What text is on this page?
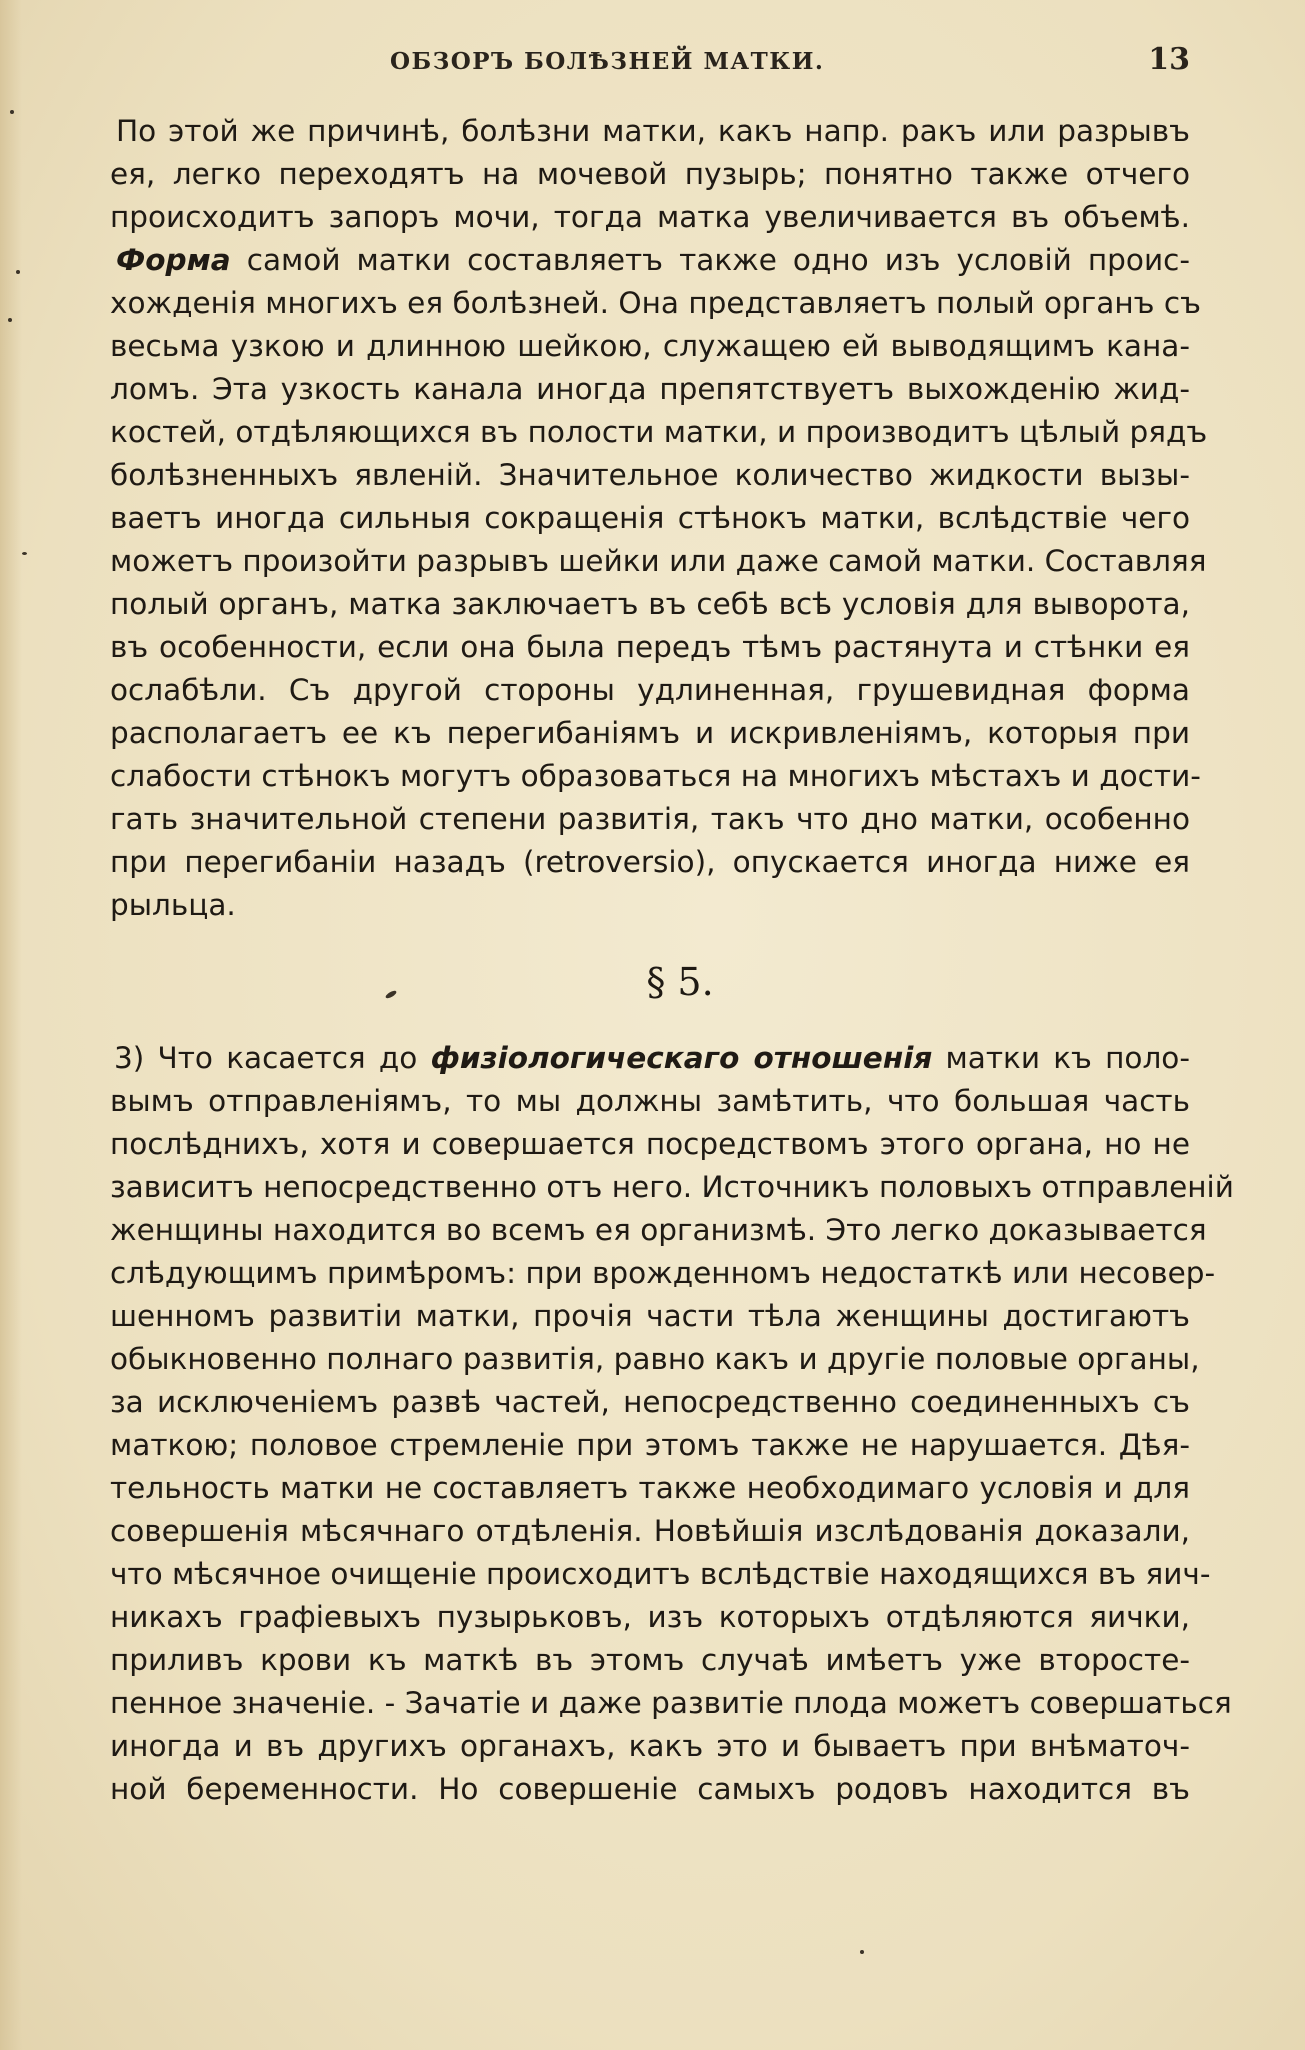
ОБЗОРЪ БОЛѢЗНЕЙ МАТКИ.	13
По этой же причинѣ, болѣзни матки, какъ напр. ракъ или разрывъ
ея, легко переходятъ на мочевой пузырь; понятно также отчего
происходитъ запоръ мочи, тогда матка увеличивается въ объемѣ.
Форма самой матки составляетъ также одно изъ условiй проис-
хожденiя многихъ ея болѣзней. Она представляетъ полый органъ съ
весьма узкою и длинною шейкою, служащею ей выводящимъ кана-
ломъ. Эта узкость канала иногда препятствуетъ выхожденiю жид-
костей, отдѣляющихся въ полости матки, и производитъ цѣлый рядъ
болѣзненныхъ явленiй. Значительное количество жидкости вызы-
ваетъ иногда сильныя сокращенiя стѣнокъ матки, вслѣдствiе чего
можетъ произойти разрывъ шейки или даже самой матки. Составляя
полый органъ, матка заключаетъ въ себѣ всѣ условiя для выворота,
въ особенности, если она была передъ тѣмъ растянута и стѣнки ея
ослабѣли. Съ другой стороны удлиненная, грушевидная форма
располагаетъ ее къ перегибанiямъ и искривленiямъ, которыя при
слабости стѣнокъ могутъ образоваться на многихъ мѣстахъ и дости-
гать значительной степени развитiя, такъ что дно матки, особенно
при перегибанiи назадъ (retroversio), опускается иногда ниже ея
рыльца.
§ 5.
3) Что касается до физiологическаго отношенiя матки къ поло-
вымъ отправленiямъ, то мы должны замѣтить, что большая часть
послѣднихъ, хотя и совершается посредствомъ этого органа, но не
зависитъ непосредственно отъ него. Источникъ половыхъ отправленiй
женщины находится во всемъ ея организмѣ. Это легко доказывается
слѣдующимъ примѣромъ: при врожденномъ недостаткѣ или несовер-
шенномъ развитiи матки, прочiя части тѣла женщины достигаютъ
обыкновенно полнаго развитiя, равно какъ и другiе половые органы,
за исключенiемъ развѣ частей, непосредственно соединенныхъ съ
маткою; половое стремленiе при этомъ также не нарушается. Дѣя-
тельность матки не составляетъ также необходимаго условiя и для
совершенiя мѣсячнаго отдѣленiя. Новѣйшiя изслѣдованiя доказали,
что мѣсячное очищенiе происходитъ вслѣдствiе находящихся въ яич-
никахъ графiевыхъ пузырьковъ, изъ которыхъ отдѣляются яички,
приливъ крови къ маткѣ въ этомъ случаѣ имѣетъ уже второсте-
пенное значенiе. - Зачатiе и даже развитiе плода можетъ совершаться
иногда и въ другихъ органахъ, какъ это и бываетъ при внѣматоч-
ной беременности. Но совершенiе самыхъ родовъ находится въ
